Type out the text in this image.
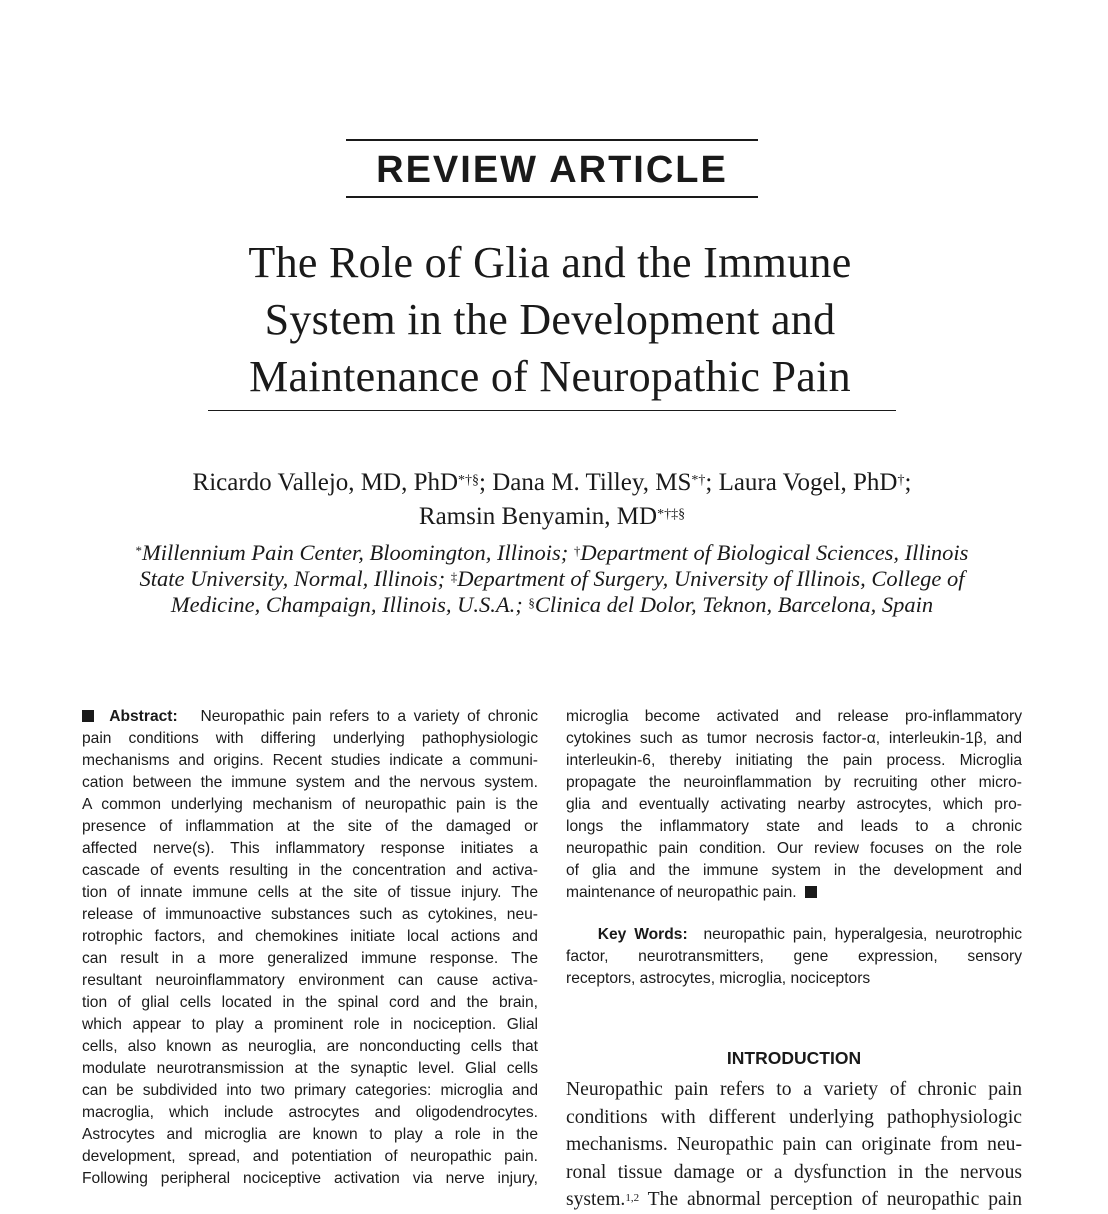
REVIEW ARTICLE
The Role of Glia and the Immune
System in the Development and
Maintenance of Neuropathic Pain
Ricardo Vallejo, MD, PhD*†§; Dana M. Tilley, MS*†; Laura Vogel, PhD†;
Ramsin Benyamin, MD*†‡§
*Millennium Pain Center, Bloomington, Illinois; †Department of Biological Sciences, Illinois
State University, Normal, Illinois; ‡Department of Surgery, University of Illinois, College of
Medicine, Champaign, Illinois, U.S.A.; §Clinica del Dolor, Teknon, Barcelona, Spain
Abstract: Neuropathic pain refers to a variety of chronic
pain conditions with differing underlying pathophysiologic
mechanisms and origins. Recent studies indicate a communi-
cation between the immune system and the nervous system.
A common underlying mechanism of neuropathic pain is the
presence of inflammation at the site of the damaged or
affected nerve(s). This inflammatory response initiates a
cascade of events resulting in the concentration and activa-
tion of innate immune cells at the site of tissue injury. The
release of immunoactive substances such as cytokines, neu-
rotrophic factors, and chemokines initiate local actions and
can result in a more generalized immune response. The
resultant neuroinflammatory environment can cause activa-
tion of glial cells located in the spinal cord and the brain,
which appear to play a prominent role in nociception. Glial
cells, also known as neuroglia, are nonconducting cells that
modulate neurotransmission at the synaptic level. Glial cells
can be subdivided into two primary categories: microglia and
macroglia, which include astrocytes and oligodendrocytes.
Astrocytes and microglia are known to play a role in the
development, spread, and potentiation of neuropathic pain.
Following peripheral nociceptive activation via nerve injury,
microglia become activated and release pro-inflammatory
cytokines such as tumor necrosis factor-α, interleukin-1β, and
interleukin-6, thereby initiating the pain process. Microglia
propagate the neuroinflammation by recruiting other micro-
glia and eventually activating nearby astrocytes, which pro-
longs the inflammatory state and leads to a chronic
neuropathic pain condition. Our review focuses on the role
of glia and the immune system in the development and
maintenance of neuropathic pain.
Key Words: neuropathic pain, hyperalgesia, neurotrophic
factor, neurotransmitters, gene expression, sensory
receptors, astrocytes, microglia, nociceptors
INTRODUCTION
Neuropathic pain refers to a variety of chronic pain
conditions with different underlying pathophysiologic
mechanisms. Neuropathic pain can originate from neu-
ronal tissue damage or a dysfunction in the nervous
system.$^{1,2}$ The abnormal perception of neuropathic pain
